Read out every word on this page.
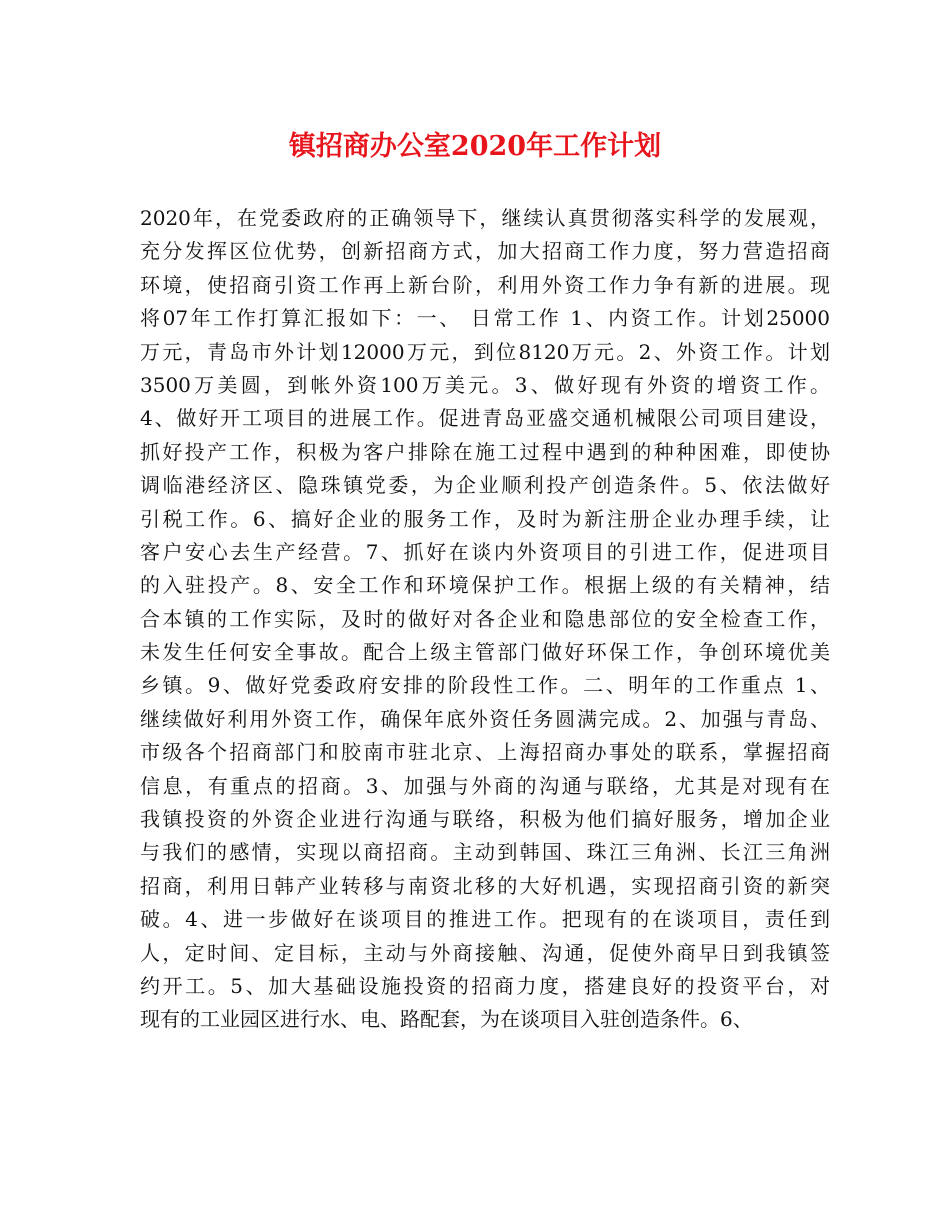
镇招商办公室2020年工作计划
2020年，在党委政府的正确领导下，继续认真贯彻落实科学的发展观，
充分发挥区位优势，创新招商方式，加大招商工作力度，努力营造招商
环境，使招商引资工作再上新台阶，利用外资工作力争有新的进展。现
将07年工作打算汇报如下：一、 日常工作 1、内资工作。计划25000
万元，青岛市外计划12000万元，到位8120万元。2、外资工作。计划
3500万美圆，到帐外资100万美元。3、做好现有外资的增资工作。
4、做好开工项目的进展工作。促进青岛亚盛交通机械限公司项目建设，
抓好投产工作，积极为客户排除在施工过程中遇到的种种困难，即使协
调临港经济区、隐珠镇党委，为企业顺利投产创造条件。5、依法做好
引税工作。6、搞好企业的服务工作，及时为新注册企业办理手续，让
客户安心去生产经营。7、抓好在谈内外资项目的引进工作，促进项目
的入驻投产。8、安全工作和环境保护工作。根据上级的有关精神，结
合本镇的工作实际，及时的做好对各企业和隐患部位的安全检查工作，
未发生任何安全事故。配合上级主管部门做好环保工作，争创环境优美
乡镇。9、做好党委政府安排的阶段性工作。二、明年的工作重点 1、
继续做好利用外资工作，确保年底外资任务圆满完成。2、加强与青岛、
市级各个招商部门和胶南市驻北京、上海招商办事处的联系，掌握招商
信息，有重点的招商。3、加强与外商的沟通与联络，尤其是对现有在
我镇投资的外资企业进行沟通与联络，积极为他们搞好服务，增加企业
与我们的感情，实现以商招商。主动到韩国、珠江三角洲、长江三角洲
招商，利用日韩产业转移与南资北移的大好机遇，实现招商引资的新突
破。4、进一步做好在谈项目的推进工作。把现有的在谈项目，责任到
人，定时间、定目标，主动与外商接触、沟通，促使外商早日到我镇签
约开工。5、加大基础设施投资的招商力度，搭建良好的投资平台，对
现有的工业园区进行水、电、路配套，为在谈项目入驻创造条件。6、
